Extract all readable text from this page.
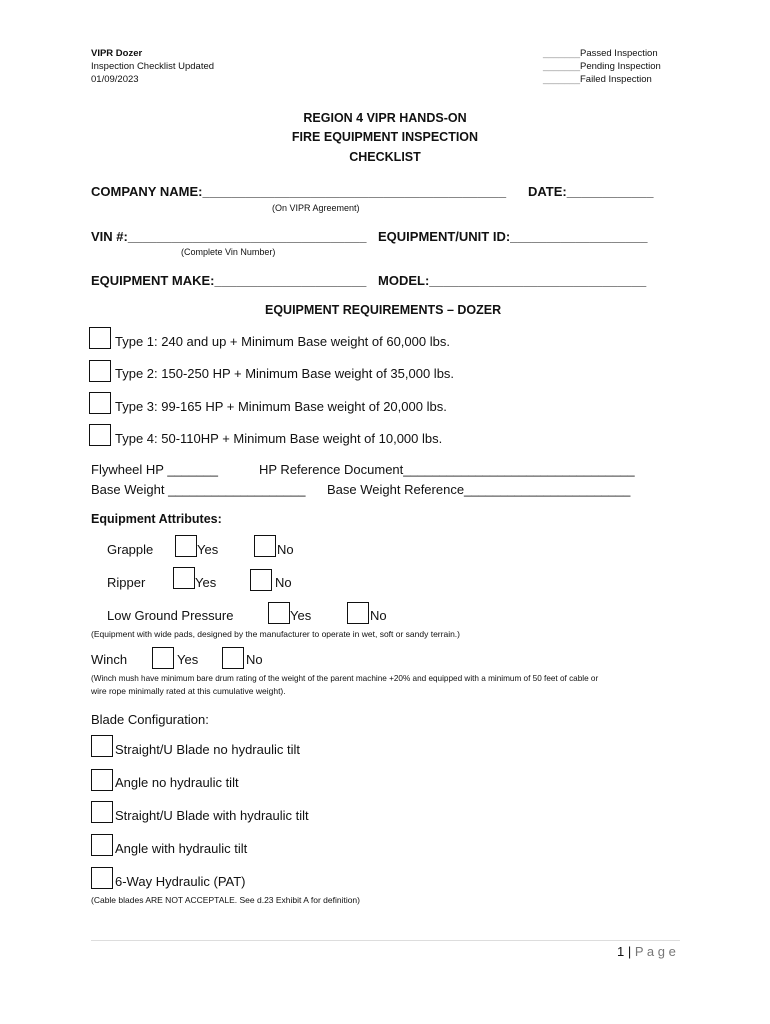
VIPR Dozer
Inspection Checklist Updated
01/09/2023
_______Passed Inspection
_______Pending Inspection
_______Failed Inspection
REGION 4 VIPR HANDS-ON
FIRE EQUIPMENT INSPECTION
CHECKLIST
COMPANY NAME:__________________________________________ DATE:____________
(On VIPR Agreement)
VIN #:_________________________________ EQUIPMENT/UNIT ID:___________________
(Complete Vin Number)
EQUIPMENT MAKE:_____________________ MODEL:______________________________
EQUIPMENT REQUIREMENTS – DOZER
Type 1: 240 and up + Minimum Base weight of 60,000 lbs.
Type 2: 150-250 HP + Minimum Base weight of 35,000 lbs.
Type 3: 99-165 HP + Minimum Base weight of 20,000 lbs.
Type 4: 50-110HP + Minimum Base weight of 10,000 lbs.
Flywheel HP _______	HP Reference Document________________________________
Base Weight ___________________ Base Weight Reference_______________________
Equipment Attributes:
Grapple	Yes	No
Ripper	Yes	No
Low Ground Pressure	Yes	No
(Equipment with wide pads, designed by the manufacturer to operate in wet, soft or sandy terrain.)
Winch	Yes	No
(Winch mush have minimum bare drum rating of the weight of the parent machine +20% and equipped with a minimum of 50 feet of cable or
wire rope minimally rated at this cumulative weight).
Blade Configuration:
Straight/U Blade no hydraulic tilt
Angle no hydraulic tilt
Straight/U Blade with hydraulic tilt
Angle with hydraulic tilt
6-Way Hydraulic (PAT)
(Cable blades ARE NOT ACCEPTALE. See d.23 Exhibit A for definition)
1 | P a g e
